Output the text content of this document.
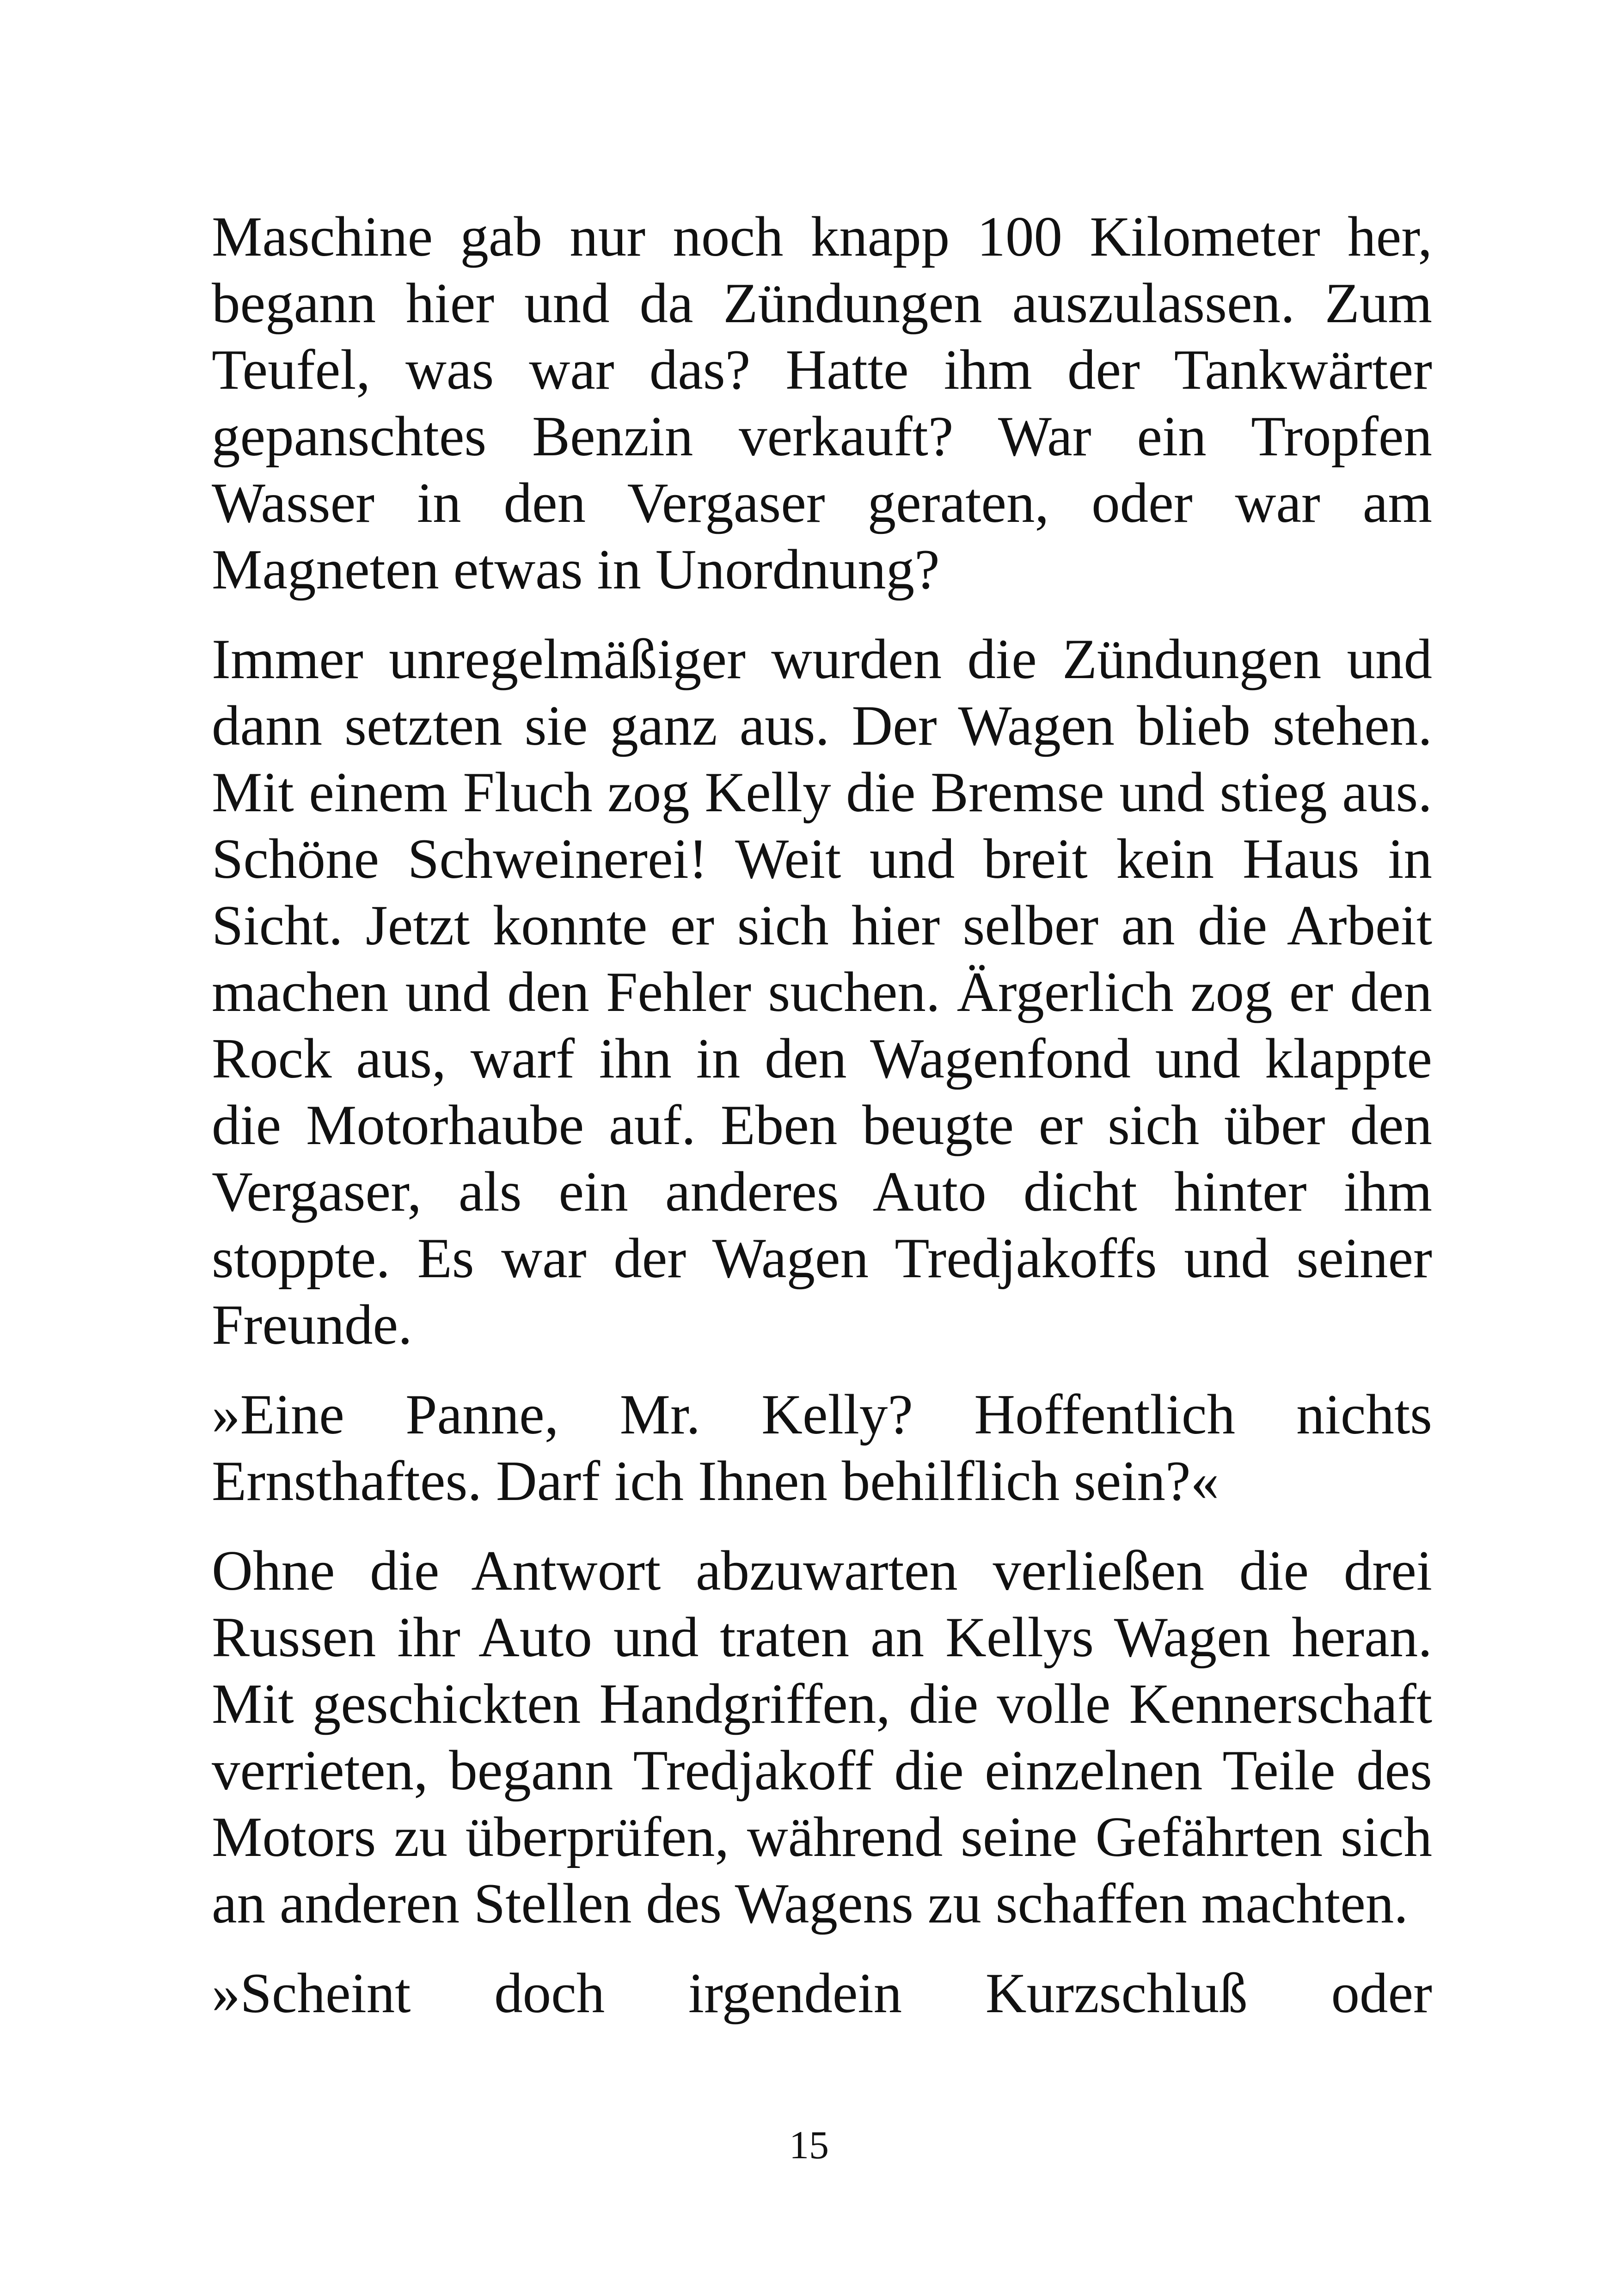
Maschine gab nur noch knapp 100 Kilometer her, begann hier und da Zündungen auszulassen. Zum Teufel, was war das? Hatte ihm der Tankwärter gepanschtes Benzin verkauft? War ein Tropfen Wasser in den Vergaser geraten, oder war am Magneten etwas in Unordnung?

Immer unregelmäßiger wurden die Zündungen und dann setzten sie ganz aus. Der Wagen blieb stehen. Mit einem Fluch zog Kelly die Bremse und stieg aus. Schöne Schweinerei! Weit und breit kein Haus in Sicht. Jetzt konnte er sich hier selber an die Arbeit machen und den Fehler suchen. Ärgerlich zog er den Rock aus, warf ihn in den Wagenfond und klappte die Motorhaube auf. Eben beugte er sich über den Vergaser, als ein anderes Auto dicht hinter ihm stoppte. Es war der Wagen Tredjakoffs und seiner Freunde.

»Eine Panne, Mr. Kelly? Hoffentlich nichts Ernsthaftes. Darf ich Ihnen behilflich sein?«

Ohne die Antwort abzuwarten verließen die drei Russen ihr Auto und traten an Kellys Wagen heran. Mit geschickten Handgriffen, die volle Kennerschaft verrieten, begann Tredjakoff die einzelnen Teile des Motors zu überprüfen, während seine Gefährten sich an anderen Stellen des Wagens zu schaffen machten.

»Scheint doch irgendein Kurzschluß oder

15
